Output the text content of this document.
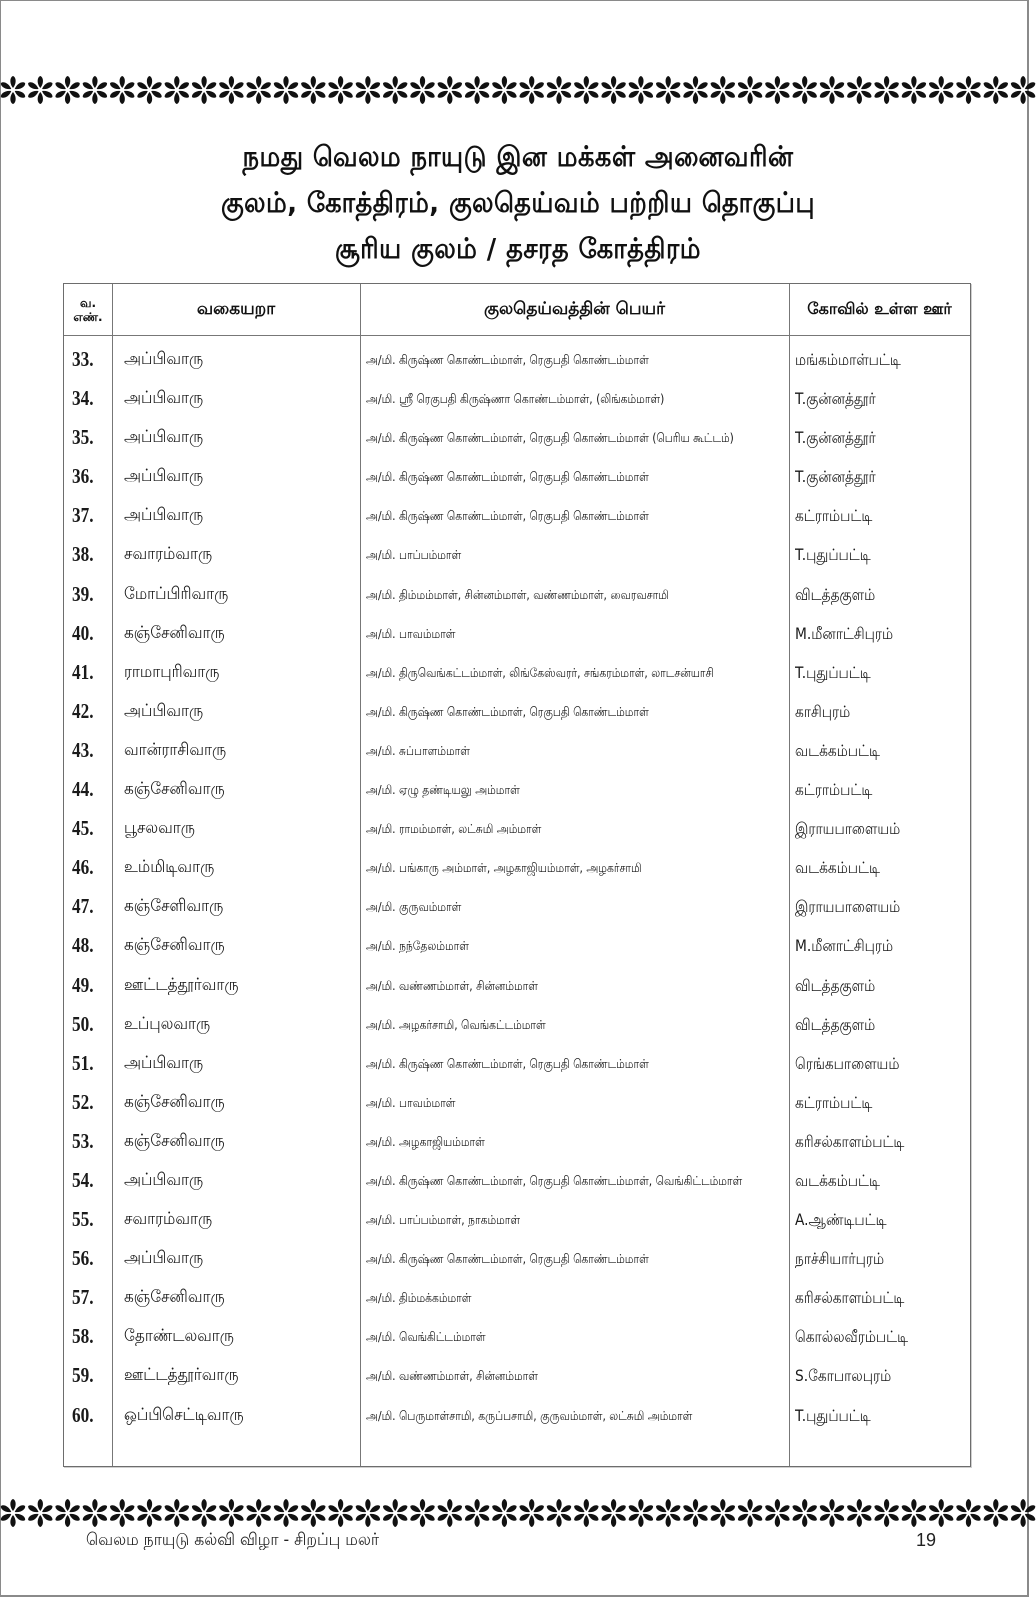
நமது வெலம நாயுடு இன மக்கள் அனைவரின்
குலம், கோத்திரம், குலதெய்வம் பற்றிய தொகுப்பு
சூரிய குலம் / தசரத கோத்திரம்
வ.
எண்.	வகையறா	குலதெய்வத்தின் பெயர்	கோவில் உள்ள ஊர்
33.	அப்பிவாரு	அ/மி. கிருஷ்ண கொண்டம்மாள், ரெகுபதி கொண்டம்மாள்	மங்கம்மாள்பட்டி
34.	அப்பிவாரு	அ/மி. ஸ்ரீ ரெகுபதி கிருஷ்ணா கொண்டம்மாள், (லிங்கம்மாள்)	T.குன்னத்தூர்
35.	அப்பிவாரு	அ/மி. கிருஷ்ண கொண்டம்மாள், ரெகுபதி கொண்டம்மாள் (பெரிய கூட்டம்)	T.குன்னத்தூர்
36.	அப்பிவாரு	அ/மி. கிருஷ்ண கொண்டம்மாள், ரெகுபதி கொண்டம்மாள்	T.குன்னத்தூர்
37.	அப்பிவாரு	அ/மி. கிருஷ்ண கொண்டம்மாள், ரெகுபதி கொண்டம்மாள்	கட்ராம்பட்டி
38.	சவாரம்வாரு	அ/மி. பாப்பம்மாள்	T.புதுப்பட்டி
39.	மோப்பிரிவாரு	அ/மி. திம்மம்மாள், சின்னம்மாள், வண்ணம்மாள், வைரவசாமி	விடத்தகுளம்
40.	கஞ்சேனிவாரு	அ/மி. பாவம்மாள்	M.மீனாட்சிபுரம்
41.	ராமாபுரிவாரு	அ/மி. திருவெங்கட்டம்மாள், லிங்கேஸ்வரர், சங்கரம்மாள், லாடசன்யாசி	T.புதுப்பட்டி
42.	அப்பிவாரு	அ/மி. கிருஷ்ண கொண்டம்மாள், ரெகுபதி கொண்டம்மாள்	காசிபுரம்
43.	வான்ராசிவாரு	அ/மி. சுப்பாளம்மாள்	வடக்கம்பட்டி
44.	கஞ்சேனிவாரு	அ/மி. ஏழு தண்டியலு அம்மாள்	கட்ராம்பட்டி
45.	பூசலவாரு	அ/மி. ராமம்மாள், லட்சுமி அம்மாள்	இராயபாளையம்
46.	உம்மிடிவாரு	அ/மி. பங்காரு அம்மாள், அழகாஜியம்மாள், அழகர்சாமி	வடக்கம்பட்டி
47.	கஞ்சேளிவாரு	அ/மி. குருவம்மாள்	இராயபாளையம்
48.	கஞ்சேனிவாரு	அ/மி. நந்தேலம்மாள்	M.மீனாட்சிபுரம்
49.	ஊட்டத்தூர்வாரு	அ/மி. வண்ணம்மாள், சின்னம்மாள்	விடத்தகுளம்
50.	உப்புலவாரு	அ/மி. அழகர்சாமி, வெங்கட்டம்மாள்	விடத்தகுளம்
51.	அப்பிவாரு	அ/மி. கிருஷ்ண கொண்டம்மாள், ரெகுபதி கொண்டம்மாள்	ரெங்கபாளையம்
52.	கஞ்சேனிவாரு	அ/மி. பாவம்மாள்	கட்ராம்பட்டி
53.	கஞ்சேனிவாரு	அ/மி. அழகாஜியம்மாள்	கரிசல்காளம்பட்டி
54.	அப்பிவாரு	அ/மி. கிருஷ்ண கொண்டம்மாள், ரெகுபதி கொண்டம்மாள், வெங்கிட்டம்மாள்	வடக்கம்பட்டி
55.	சவாரம்வாரு	அ/மி. பாப்பம்மாள், நாகம்மாள்	A.ஆண்டிபட்டி
56.	அப்பிவாரு	அ/மி. கிருஷ்ண கொண்டம்மாள், ரெகுபதி கொண்டம்மாள்	நாச்சியார்புரம்
57.	கஞ்சேனிவாரு	அ/மி. திம்மக்கம்மாள்	கரிசல்காளம்பட்டி
58.	தோண்டலவாரு	அ/மி. வெங்கிட்டம்மாள்	கொல்லவீரம்பட்டி
59.	ஊட்டத்தூர்வாரு	அ/மி. வண்ணம்மாள், சின்னம்மாள்	S.கோபாலபுரம்
60.	ஒப்பிசெட்டிவாரு	அ/மி. பெருமாள்சாமி, கருப்பசாமி, குருவம்மாள், லட்சுமி அம்மாள்	T.புதுப்பட்டி
வெலம நாயுடு கல்வி விழா - சிறப்பு மலர்	19
